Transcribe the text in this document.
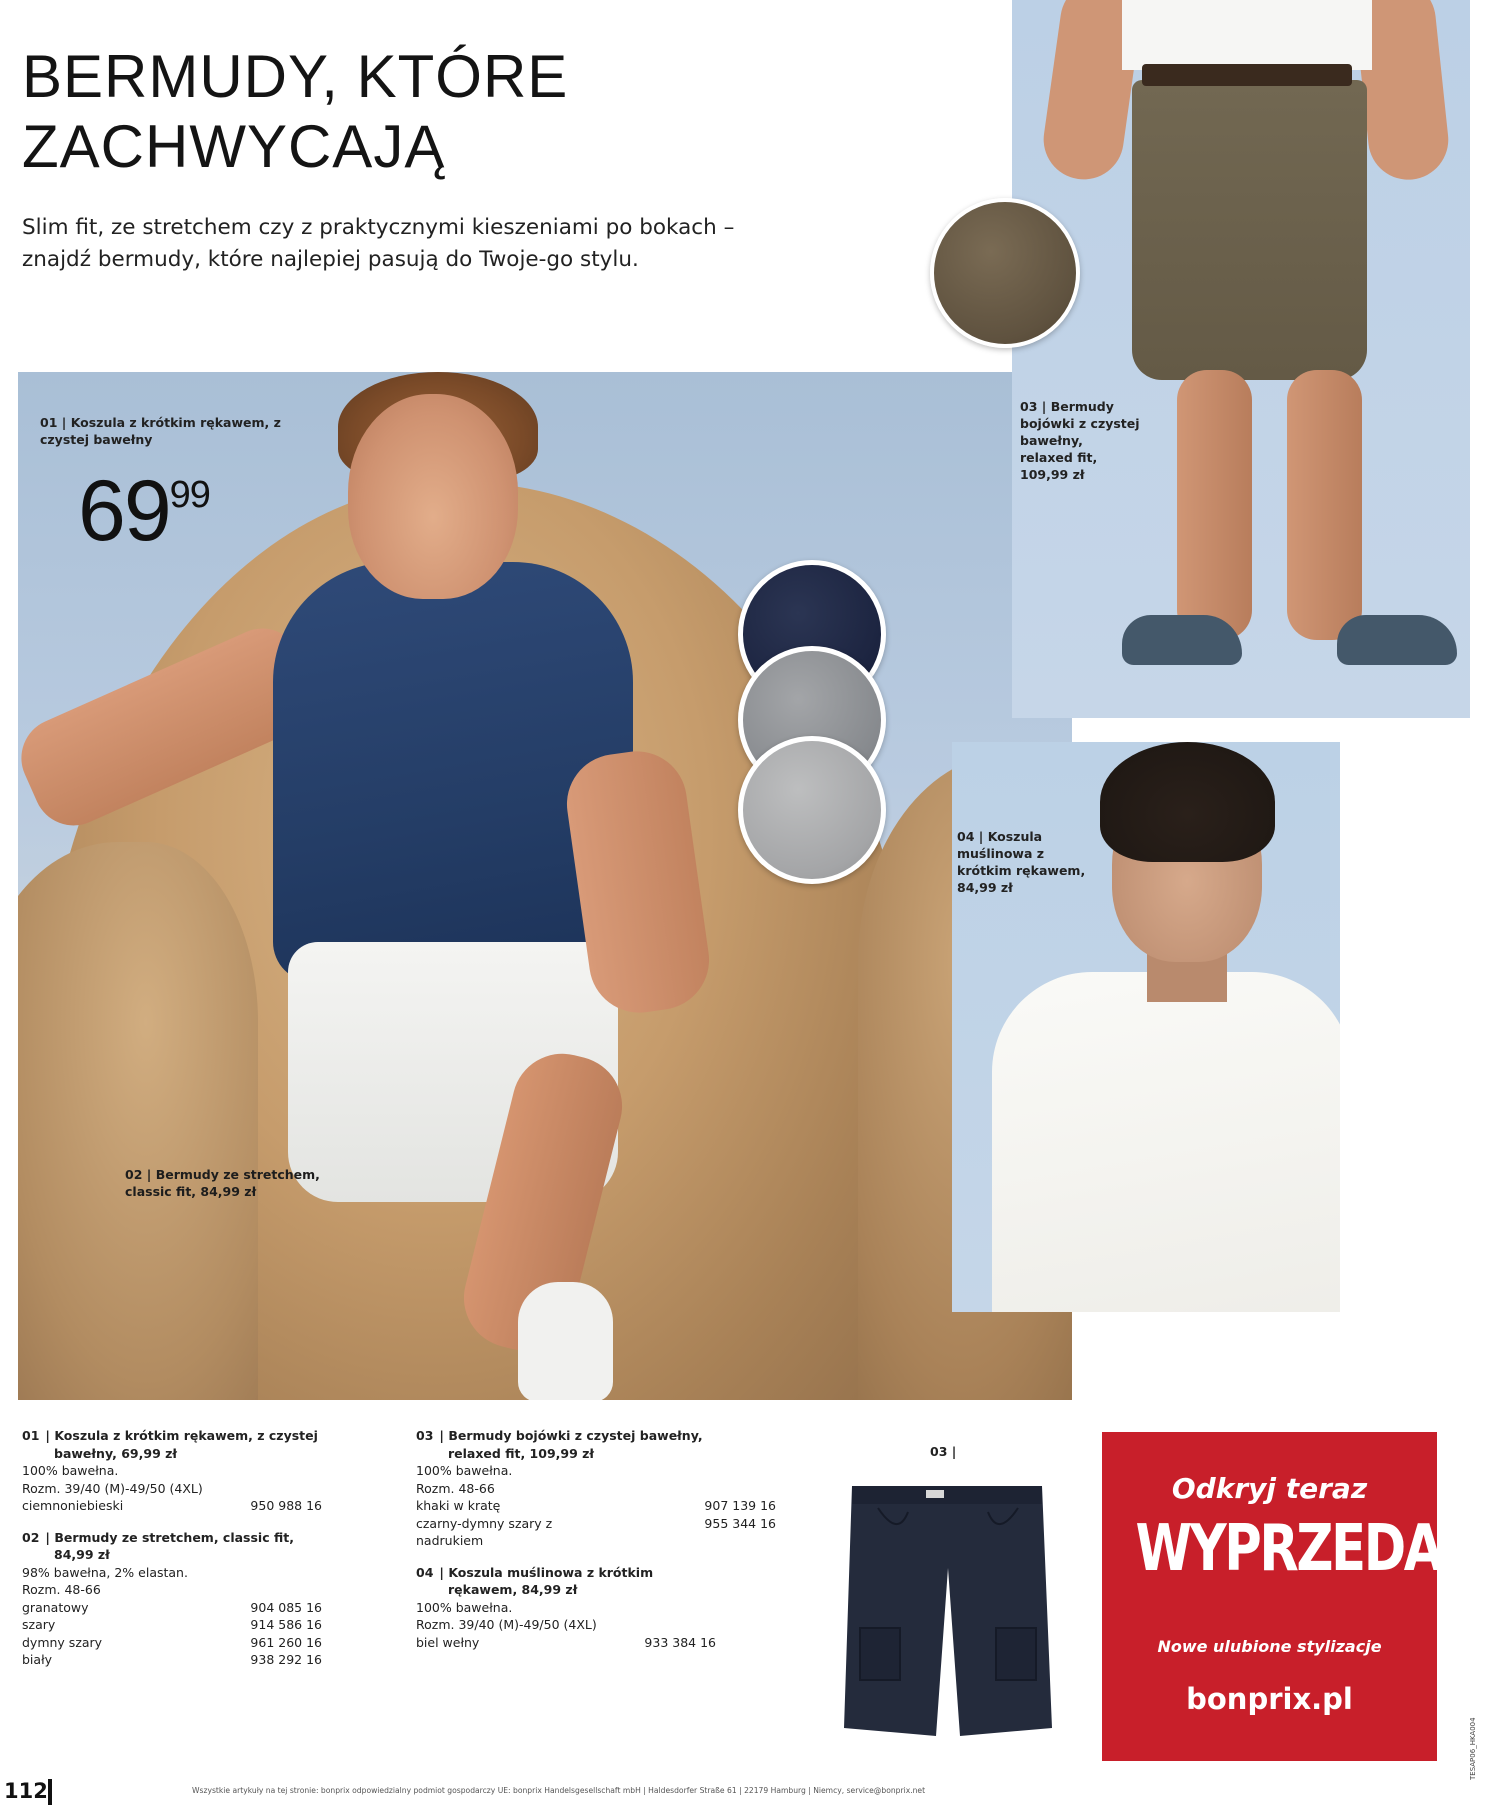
BERMUDY, KTÓRE
ZACHWYCAJĄ

Slim fit, ze stretchem czy z praktycznymi kieszeniami po bokach – znajdź bermudy, które najlepiej pasują do Twoje-go stylu.

01 | Koszula z krótkim rękawem, z czystej bawełny
6999
03 | Bermudy bojówki z czystej bawełny, relaxed fit, 109,99 zł
04 | Koszula muślinowa z krótkim rękawem, 84,99 zł
02 | Bermudy ze stretchem, classic fit, 84,99 zł
01 | Koszula z krótkim rękawem, z czystej
bawełny, 69,99 zł
100% bawełna.
Rozm. 39/40 (M)-49/50 (4XL)
ciemnoniebieski	950 988 16
02 | Bermudy ze stretchem, classic fit,
84,99 zł
98% bawełna, 2% elastan.
Rozm. 48-66
granatowy	904 085 16
szary	914 586 16
dymny szary	961 260 16
biały	938 292 16
03 | Bermudy bojówki z czystej bawełny,
relaxed fit, 109,99 zł
100% bawełna.
Rozm. 48-66
khaki w kratę	907 139 16
czarny-dymny szary z nadrukiem
955 344 16
04 | Koszula muślinowa z krótkim
rękawem, 84,99 zł
100% bawełna.
Rozm. 39/40 (M)-49/50 (4XL)
biel wełny	933 384 16
03 |
Odkryj teraz
WYPRZEDAŻ
Nowe ulubione stylizacje
bonprix.pl
112	Wszystkie artykuły na tej stronie: bonprix odpowiedzialny podmiot gospodarczy UE: bonprix Handelsgesellschaft mbH | Haldesdorfer Straße 61 | 22179 Hamburg | Niemcy, service@bonprix.net
TESAP06_HKA004
